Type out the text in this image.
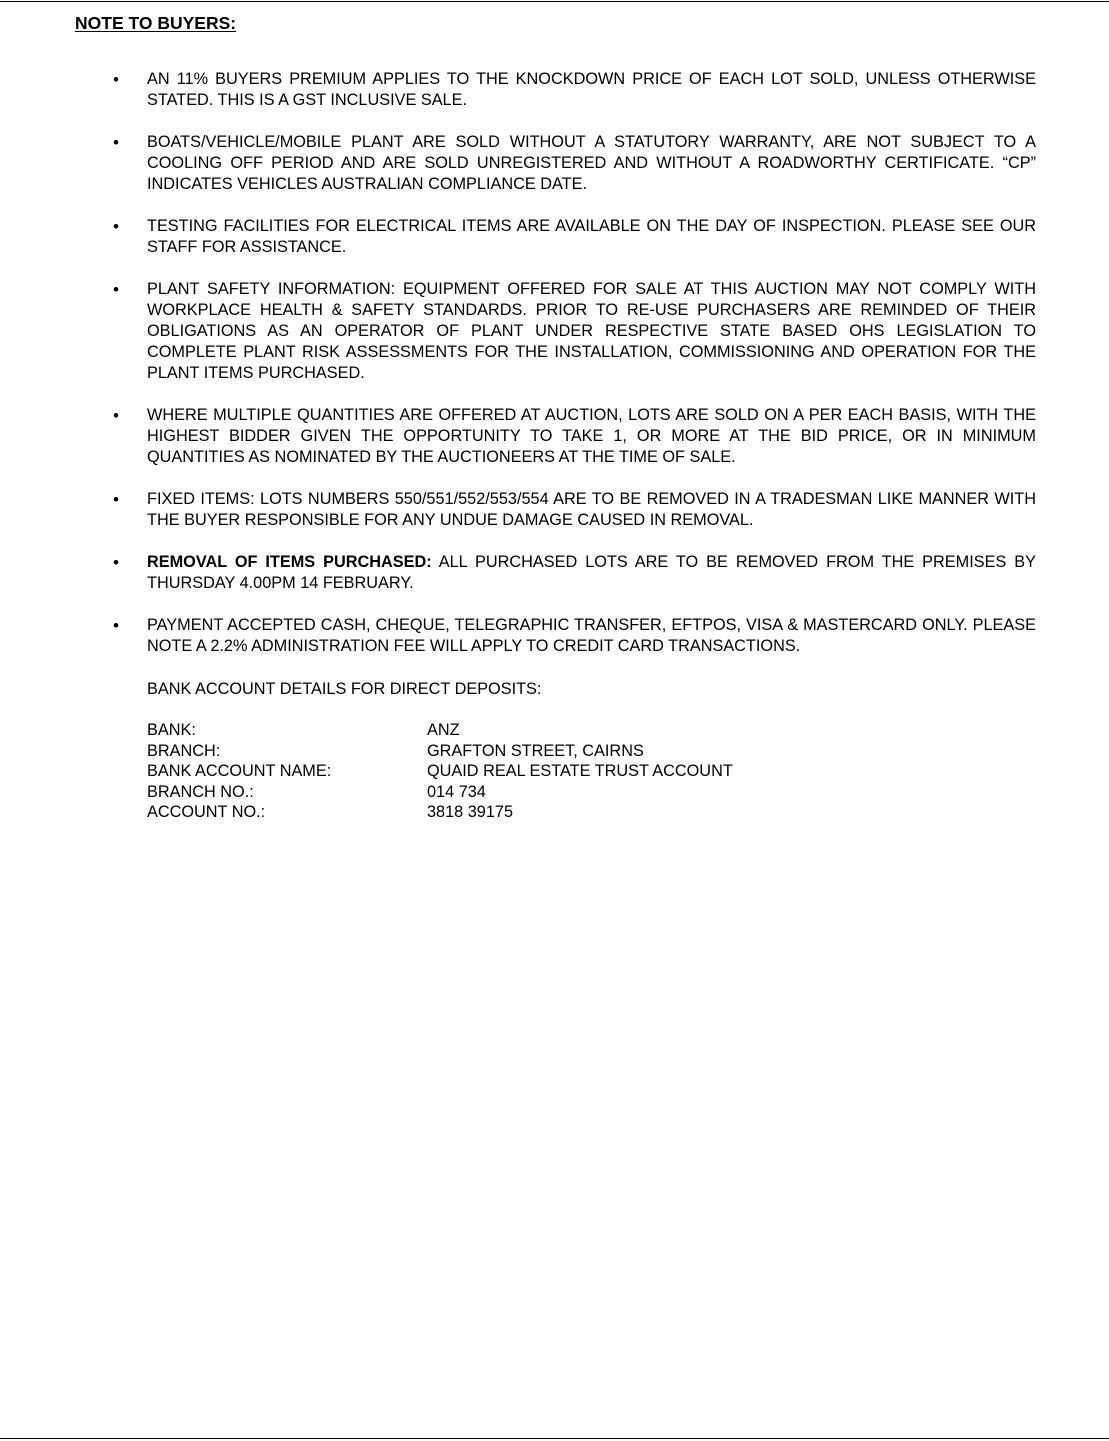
NOTE TO BUYERS:
• AN 11% BUYERS PREMIUM APPLIES TO THE KNOCKDOWN PRICE OF EACH LOT SOLD, UNLESS OTHERWISE STATED. THIS IS A GST INCLUSIVE SALE.
• BOATS/VEHICLE/MOBILE PLANT ARE SOLD WITHOUT A STATUTORY WARRANTY, ARE NOT SUBJECT TO A COOLING OFF PERIOD AND ARE SOLD UNREGISTERED AND WITHOUT A ROADWORTHY CERTIFICATE. “CP” INDICATES VEHICLES AUSTRALIAN COMPLIANCE DATE.
• TESTING FACILITIES FOR ELECTRICAL ITEMS ARE AVAILABLE ON THE DAY OF INSPECTION. PLEASE SEE OUR STAFF FOR ASSISTANCE.
• PLANT SAFETY INFORMATION: EQUIPMENT OFFERED FOR SALE AT THIS AUCTION MAY NOT COMPLY WITH WORKPLACE HEALTH & SAFETY STANDARDS. PRIOR TO RE-USE PURCHASERS ARE REMINDED OF THEIR OBLIGATIONS AS AN OPERATOR OF PLANT UNDER RESPECTIVE STATE BASED OHS LEGISLATION TO COMPLETE PLANT RISK ASSESSMENTS FOR THE INSTALLATION, COMMISSIONING AND OPERATION FOR THE PLANT ITEMS PURCHASED.
• WHERE MULTIPLE QUANTITIES ARE OFFERED AT AUCTION, LOTS ARE SOLD ON A PER EACH BASIS, WITH THE HIGHEST BIDDER GIVEN THE OPPORTUNITY TO TAKE 1, OR MORE AT THE BID PRICE, OR IN MINIMUM QUANTITIES AS NOMINATED BY THE AUCTIONEERS AT THE TIME OF SALE.
• FIXED ITEMS: LOTS NUMBERS 550/551/552/553/554 ARE TO BE REMOVED IN A TRADESMAN LIKE MANNER WITH THE BUYER RESPONSIBLE FOR ANY UNDUE DAMAGE CAUSED IN REMOVAL.
• REMOVAL OF ITEMS PURCHASED: ALL PURCHASED LOTS ARE TO BE REMOVED FROM THE PREMISES BY THURSDAY 4.00PM 14 FEBRUARY.
• PAYMENT ACCEPTED CASH, CHEQUE, TELEGRAPHIC TRANSFER, EFTPOS, VISA & MASTERCARD ONLY. PLEASE NOTE A 2.2% ADMINISTRATION FEE WILL APPLY TO CREDIT CARD TRANSACTIONS.
BANK ACCOUNT DETAILS FOR DIRECT DEPOSITS:
BANK:	ANZ
BRANCH:	GRAFTON STREET, CAIRNS
BANK ACCOUNT NAME:	QUAID REAL ESTATE TRUST ACCOUNT
BRANCH NO.:	014 734
ACCOUNT NO.:	3818 39175
